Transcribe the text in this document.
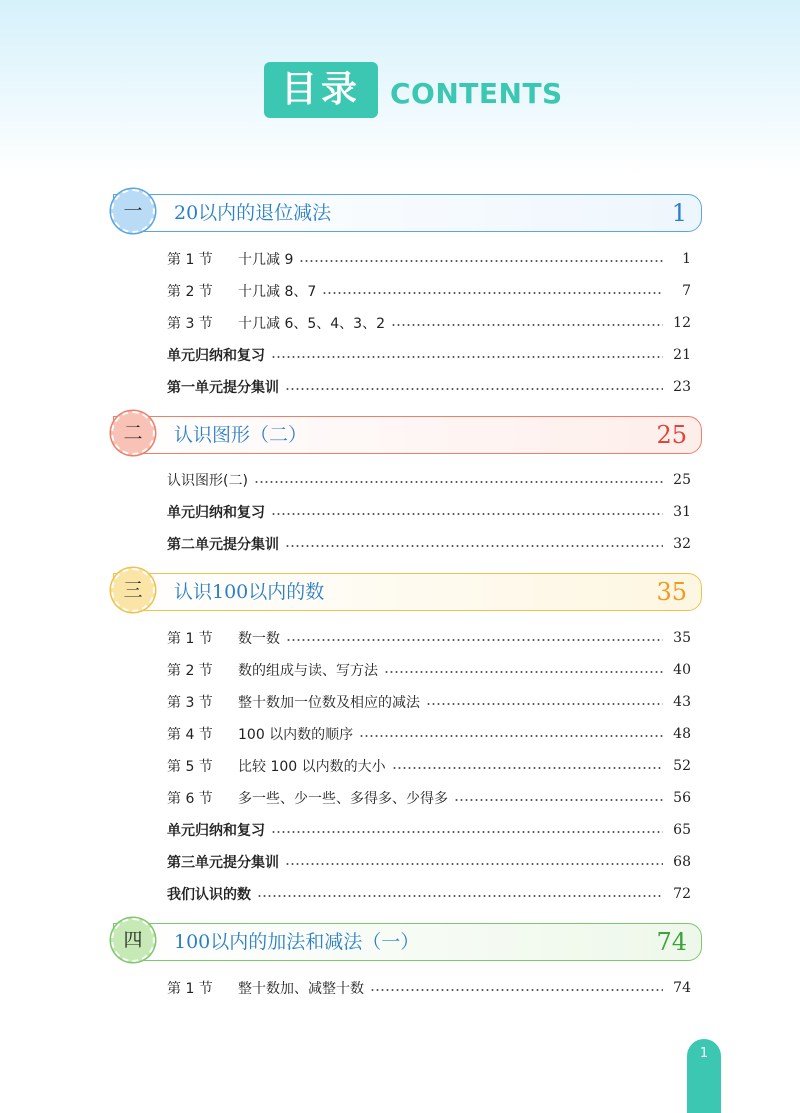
目录	CONTENTS
一	20以内的退位减法	1
第 1 节	十几减 9	1
第 2 节	十几减 8、7	7
第 3 节	十几减 6、5、4、3、2	12
单元归纳和复习	21
第一单元提分集训	23
二	认识图形（二）	25
认识图形(二)	25
单元归纳和复习	31
第二单元提分集训	32
三	认识100以内的数	35
第 1 节	数一数	35
第 2 节	数的组成与读、写方法	40
第 3 节	整十数加一位数及相应的减法	43
第 4 节	100 以内数的顺序	48
第 5 节	比较 100 以内数的大小	52
第 6 节	多一些、少一些、多得多、少得多	56
单元归纳和复习	65
第三单元提分集训	68
我们认识的数	72
四	100以内的加法和减法（一）	74
第 1 节	整十数加、减整十数	74
1
